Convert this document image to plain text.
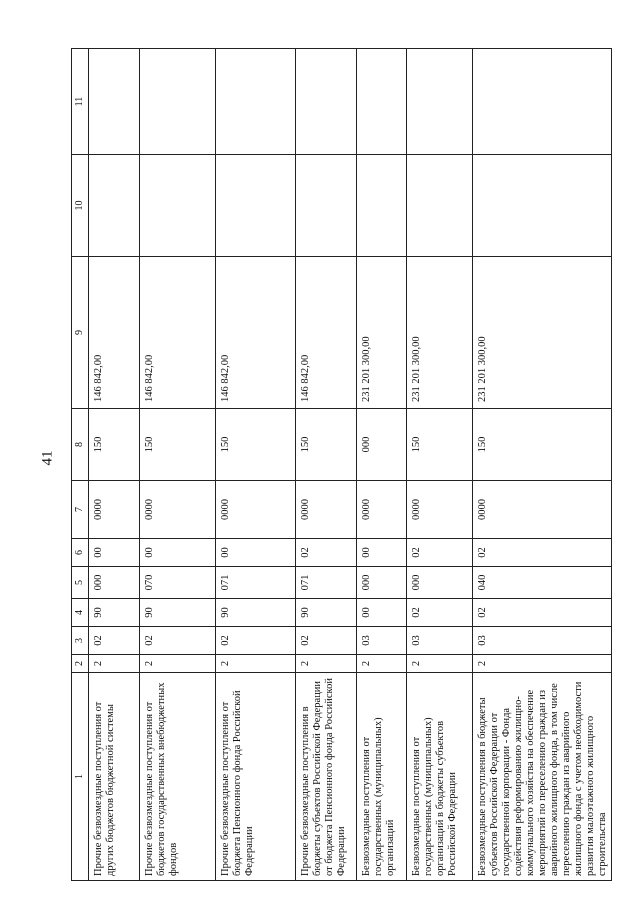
41
1	2	3	4	5	6	7	8	9	10	11
Прочие безвозмездные поступления от других бюджетов бюджетной системы	2	02	90	000	00	0000	150	146 842,00		
Прочие безвозмездные поступления от бюджетов государственных внебюджетных фондов	2	02	90	070	00	0000	150	146 842,00		
Прочие безвозмездные поступления от бюджета Пенсионного фонда Российской Федерации	2	02	90	071	00	0000	150	146 842,00		
Прочие безвозмездные поступления в бюджеты субъектов Российской Федерации от бюджета Пенсионного фонда Российской Федерации	2	02	90	071	02	0000	150	146 842,00		
Безвозмездные поступления от государственных (муниципальных) организаций	2	03	00	000	00	0000	000	231 201 300,00		
Безвозмездные поступления от государственных (муниципальных) организаций в бюджеты субъектов Российской Федерации	2	03	02	000	02	0000	150	231 201 300,00		
Безвозмездные поступления в бюджеты субъектов Российской Федерации от государственной корпорации - Фонда содействия реформированию жилищно-коммунального хозяйства на обеспечение мероприятий по переселению граждан из аварийного жилищного фонда, в том числе переселению граждан из аварийного жилищного фонда с учетом необходимости развития малоэтажного жилищного строительства	2	03	02	040	02	0000	150	231 201 300,00		
